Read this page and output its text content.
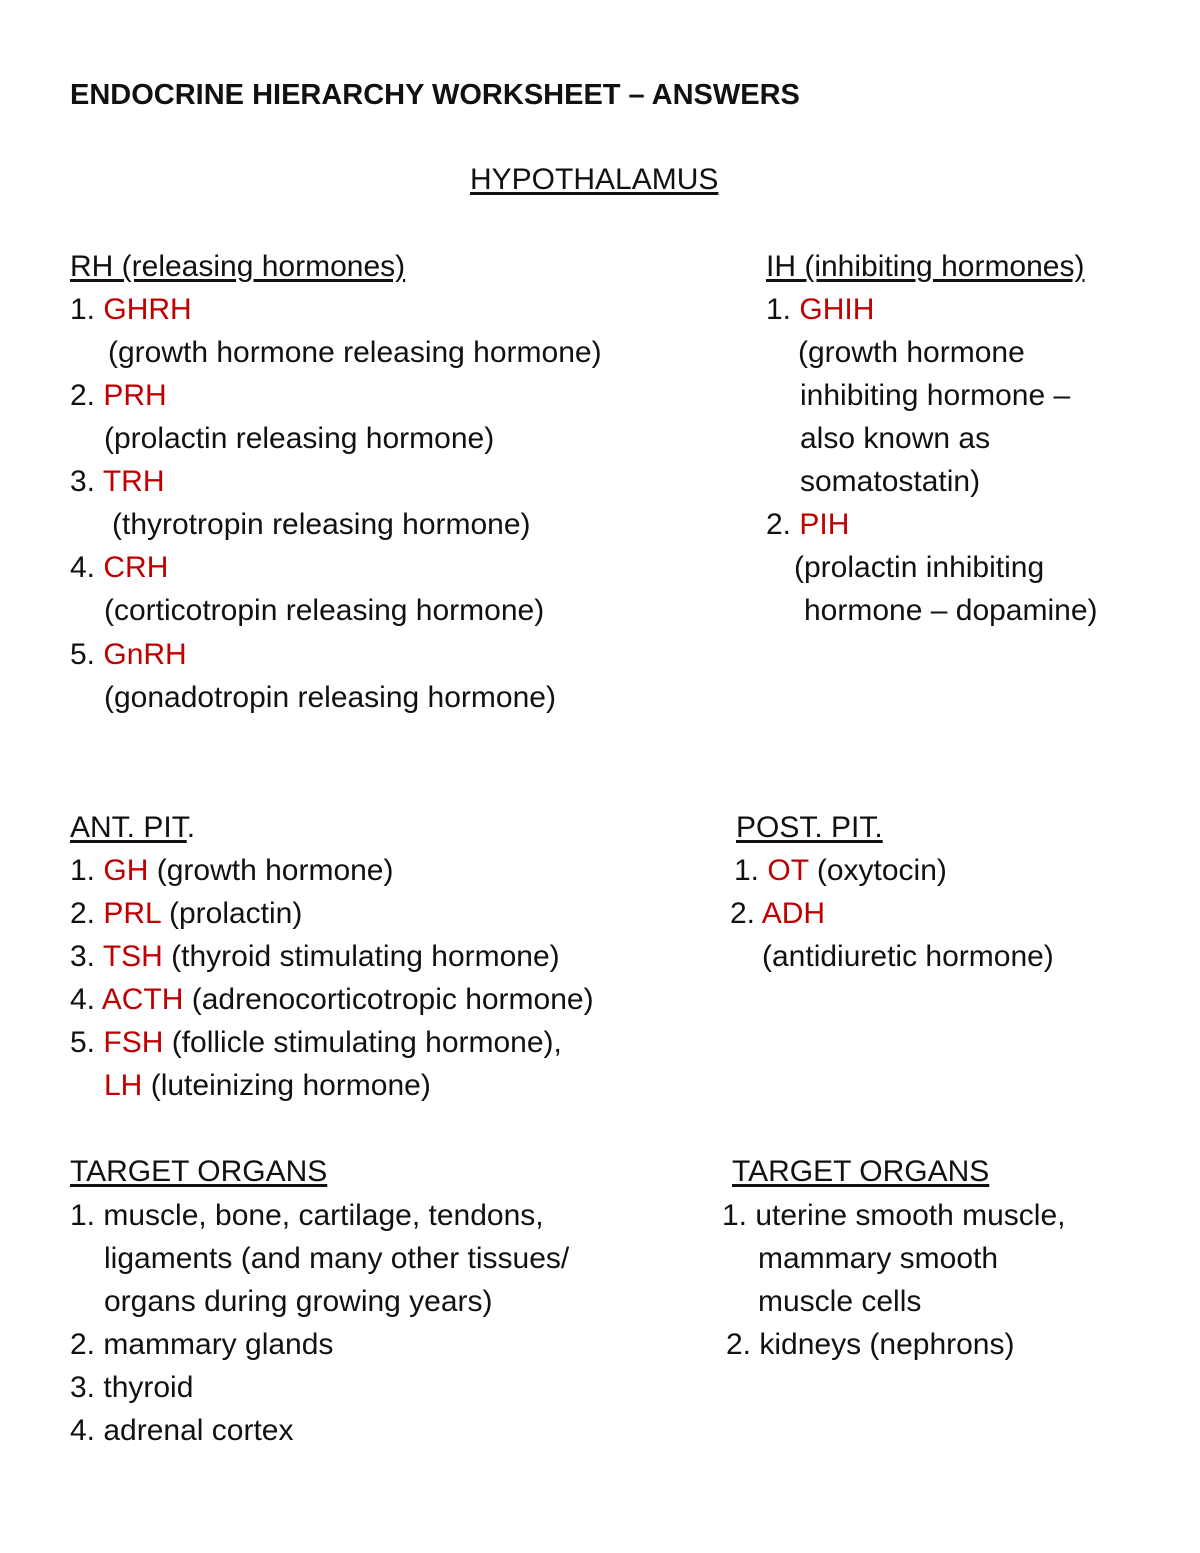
ENDOCRINE HIERARCHY WORKSHEET – ANSWERS
HYPOTHALAMUS
RH (releasing hormones)
1. GHRH
(growth hormone releasing hormone)
2. PRH
(prolactin releasing hormone)
3. TRH
(thyrotropin releasing hormone)
4. CRH
(corticotropin releasing hormone)
5. GnRH
(gonadotropin releasing hormone)
IH (inhibiting hormones)
1. GHIH
(growth hormone
inhibiting hormone –
also known as
somatostatin)
2. PIH
(prolactin inhibiting
hormone – dopamine)
ANT. PIT.
1. GH (growth hormone)
2. PRL (prolactin)
3. TSH (thyroid stimulating hormone)
4. ACTH (adrenocorticotropic hormone)
5. FSH (follicle stimulating hormone),
LH (luteinizing hormone)
POST. PIT.
1. OT (oxytocin)
2. ADH
(antidiuretic hormone)
TARGET ORGANS
1. muscle, bone, cartilage, tendons,
ligaments (and many other tissues/
organs during growing years)
2. mammary glands
3. thyroid
4. adrenal cortex
TARGET ORGANS
1. uterine smooth muscle,
mammary smooth
muscle cells
2. kidneys (nephrons)
